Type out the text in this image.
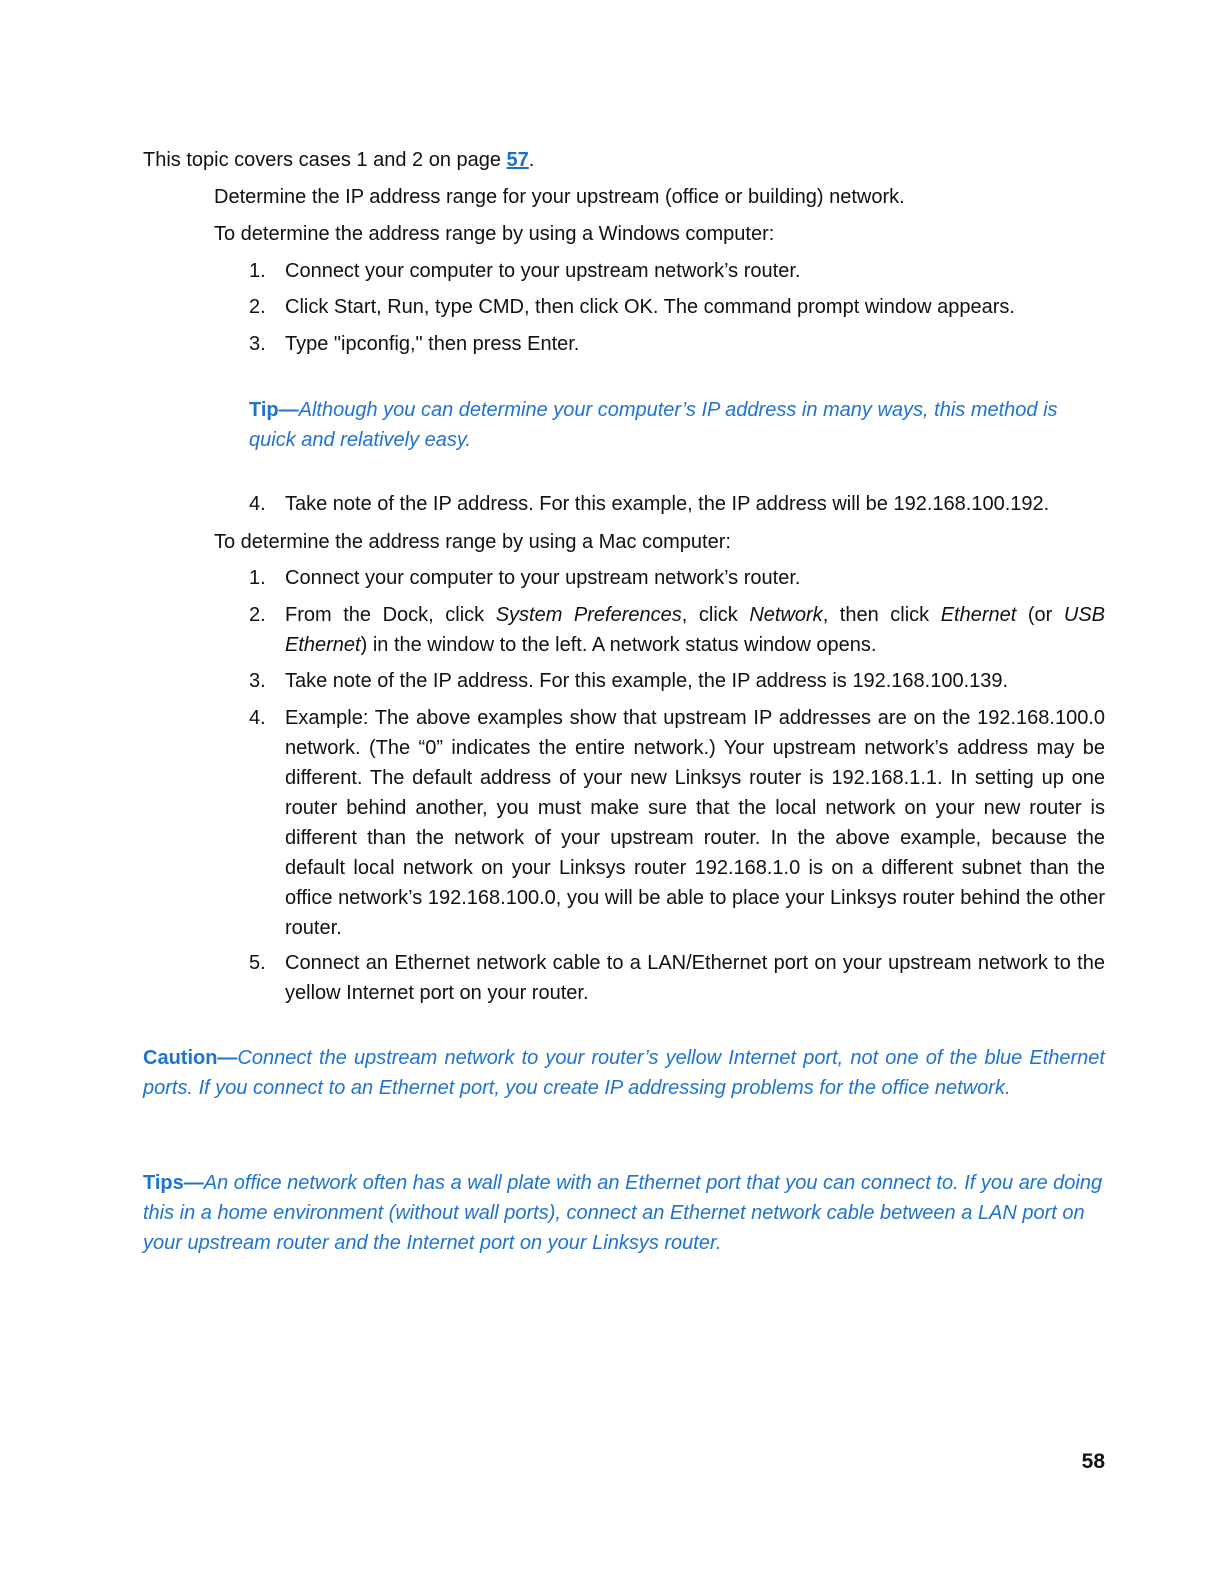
This topic covers cases 1 and 2 on page 57.

Determine the IP address range for your upstream (office or building) network.

To determine the address range by using a Windows computer:

1. Connect your computer to your upstream network’s router.

2. Click Start, Run, type CMD, then click OK. The command prompt window appears.

3. Type "ipconfig," then press Enter.

Tip—Although you can determine your computer’s IP address in many ways, this method is quick and relatively easy.

4. Take note of the IP address. For this example, the IP address will be 192.168.100.192.

To determine the address range by using a Mac computer:

1. Connect your computer to your upstream network’s router.

2. From the Dock, click System Preferences, click Network, then click Ethernet (or USB Ethernet) in the window to the left. A network status window opens.

3. Take note of the IP address. For this example, the IP address is 192.168.100.139.

4. Example: The above examples show that upstream IP addresses are on the 192.168.100.0 network. (The “0” indicates the entire network.) Your upstream network’s address may be different. The default address of your new Linksys router is 192.168.1.1. In setting up one router behind another, you must make sure that the local network on your new router is different than the network of your upstream router. In the above example, because the default local network on your Linksys router 192.168.1.0 is on a different subnet than the office network’s 192.168.100.0, you will be able to place your Linksys router behind the other router.

5. Connect an Ethernet network cable to a LAN/Ethernet port on your upstream network to the yellow Internet port on your router.

Caution—Connect the upstream network to your router’s yellow Internet port, not one of the blue Ethernet ports. If you connect to an Ethernet port, you create IP addressing problems for the office network.

Tips—An office network often has a wall plate with an Ethernet port that you can connect to. If you are doing this in a home environment (without wall ports), connect an Ethernet network cable between a LAN port on your upstream router and the Internet port on your Linksys router.

58
